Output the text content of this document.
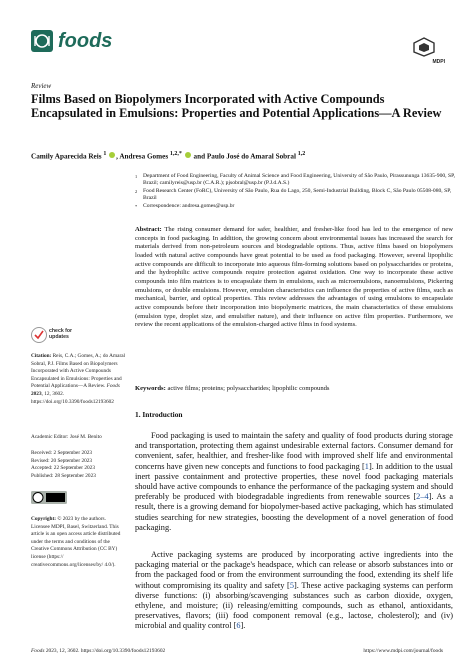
foods
MDPI
Review
Films Based on Biopolymers Incorporated with Active Compounds Encapsulated in Emulsions: Properties and Potential Applications—A Review
Camily Aparecida Reis $^1$ , Andresa Gomes $^{1,2,*}$ and Paulo José do Amaral Sobral $^{1,2}$
1	Department of Food Engineering, Faculty of Animal Science and Food Engineering, University of São Paulo, Pirassununga 13635-900, SP, Brazil; camilyreis@usp.br (C.A.R.); pjsobral@usp.br (P.J.d.A.S.)
2	Food Research Center (FoRC), University of São Paulo, Rua do Lago, 250, Semi-Industrial Building, Block C, São Paulo 05508-080, SP, Brazil
*	Correspondence: andresa.gomes@usp.br
Abstract: The rising consumer demand for safer, healthier, and fresher-like food has led to the emergence of new concepts in food packaging. In addition, the growing concern about environmental issues has increased the search for materials derived from non-petroleum sources and biodegradable options. Thus, active films based on biopolymers loaded with natural active compounds have great potential to be used as food packaging. However, several lipophilic active compounds are difficult to incorporate into aqueous film-forming solutions based on polysaccharides or proteins, and the hydrophilic active compounds require protection against oxidation. One way to incorporate these active compounds into film matrices is to encapsulate them in emulsions, such as microemulsions, nanoemulsions, Pickering emulsions, or double emulsions. However, emulsion characteristics can influence the properties of active films, such as mechanical, barrier, and optical properties. This review addresses the advantages of using emulsions to encapsulate active compounds before their incorporation into biopolymeric matrices, the main characteristics of these emulsions (emulsion type, droplet size, and emulsifier nature), and their influence on active film properties. Furthermore, we review the recent applications of the emulsion-charged active films in food systems.
Keywords: active films; proteins; polysaccharides; lipophilic compounds
check for
updates
Citation: Reis, C.A.; Gomes, A.; do Amaral Sobral, P.J. Films Based on Biopolymers Incorporated with Active Compounds Encapsulated in Emulsions: Properties and Potential Applications—A Review. Foods 2023, 12, 3602. https://doi.org/10.3390/foods12193602
Academic Editor: José M. Benito
Received: 2 September 2023
Revised: 20 September 2023
Accepted: 22 September 2023
Published: 28 September 2023
Copyright: © 2023 by the authors. Licensee MDPI, Basel, Switzerland. This article is an open access article distributed under the terms and conditions of the Creative Commons Attribution (CC BY) license (https:// creativecommons.org/licenses/by/ 4.0/).
1. Introduction
Food packaging is used to maintain the safety and quality of food products during storage and transportation, protecting them against undesirable external factors. Consumer demand for convenient, safer, healthier, and fresher-like food with improved shelf life and environmental concerns have given new concepts and functions to food packaging [1]. In addition to the usual inert passive containment and protective properties, these novel food packaging materials should have active compounds to enhance the performance of the packaging system and should preferably be produced with biodegradable ingredients from renewable sources [2–4]. As a result, there is a growing demand for biopolymer-based active packaging, which has stimulated studies searching for new strategies, boosting the development of a novel generation of food packaging.
Active packaging systems are produced by incorporating active ingredients into the packaging material or the package's headspace, which can release or absorb substances into or from the packaged food or from the environment surrounding the food, extending its shelf life without compromising its quality and safety [5]. These active packaging systems can perform diverse functions: (i) absorbing/scavenging substances such as carbon dioxide, oxygen, ethylene, and moisture; (ii) releasing/emitting compounds, such as ethanol, antioxidants, preservatives, flavors; (iii) food component removal (e.g., lactose, cholesterol); and (iv) microbial and quality control [6].
Foods 2023, 12, 3602. https://doi.org/10.3390/foods12193602	https://www.mdpi.com/journal/foods
